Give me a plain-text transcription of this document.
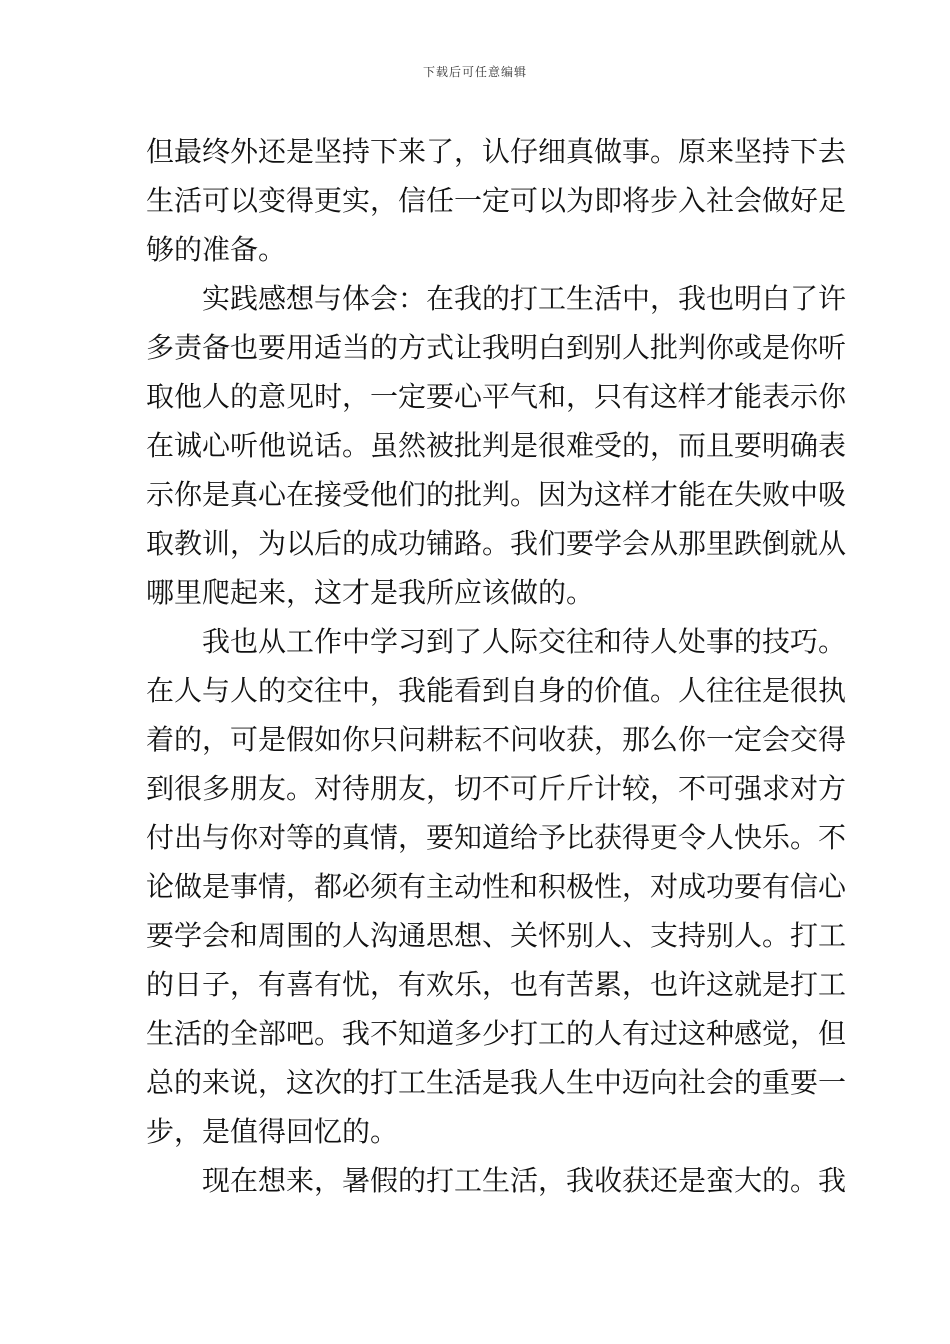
下载后可任意编辑
但最终外还是坚持下来了，认仔细真做事。原来坚持下去
生活可以变得更实，信任一定可以为即将步入社会做好足
够的准备。
实践感想与体会：在我的打工生活中，我也明白了许
多责备也要用适当的方式让我明白到别人批判你或是你听
取他人的意见时，一定要心平气和，只有这样才能表示你
在诚心听他说话。虽然被批判是很难受的，而且要明确表
示你是真心在接受他们的批判。因为这样才能在失败中吸
取教训，为以后的成功铺路。我们要学会从那里跌倒就从
哪里爬起来，这才是我所应该做的。
我也从工作中学习到了人际交往和待人处事的技巧。
在人与人的交往中，我能看到自身的价值。人往往是很执
着的，可是假如你只问耕耘不问收获，那么你一定会交得
到很多朋友。对待朋友，切不可斤斤计较，不可强求对方
付出与你对等的真情，要知道给予比获得更令人快乐。不
论做是事情，都必须有主动性和积极性，对成功要有信心
要学会和周围的人沟通思想、关怀别人、支持别人。打工
的日子，有喜有忧，有欢乐，也有苦累，也许这就是打工
生活的全部吧。我不知道多少打工的人有过这种感觉，但
总的来说，这次的打工生活是我人生中迈向社会的重要一
步，是值得回忆的。
现在想来，暑假的打工生活，我收获还是蛮大的。我
